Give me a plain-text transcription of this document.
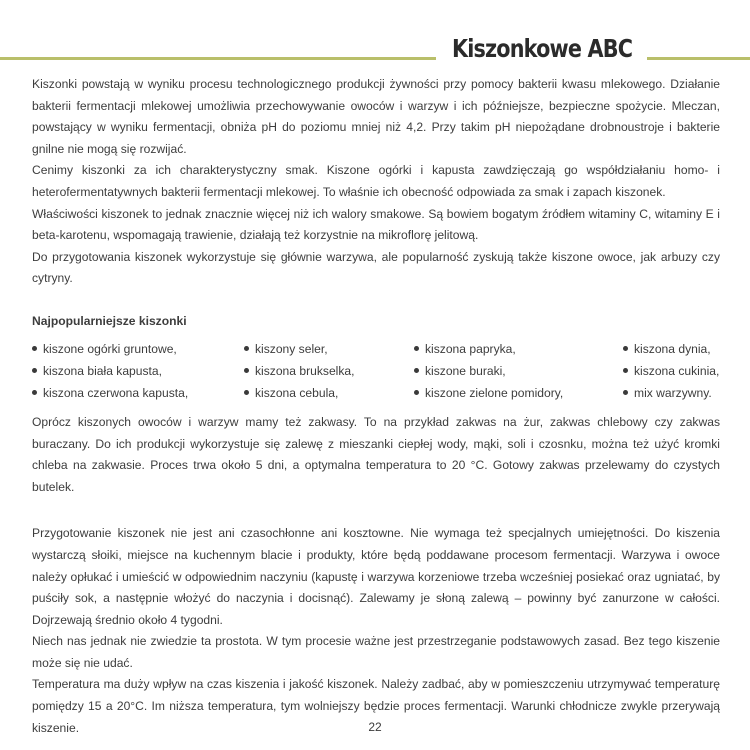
Kiszonkowe ABC

Kiszonki powstają w wyniku procesu technologicznego produkcji żywności przy pomocy bakterii kwasu mlekowego. Działanie bakterii fermentacji mlekowej umożliwia przechowywanie owoców i warzyw i ich późniejsze, bezpieczne spożycie. Mleczan, powstający w wyniku fermentacji, obniża pH do poziomu mniej niż 4,2. Przy takim pH niepożądane drobnoustroje i bakterie gnilne nie mogą się rozwijać.

Cenimy kiszonki za ich charakterystyczny smak. Kiszone ogórki i kapusta zawdzięczają go współdziałaniu homo- i heterofermentatywnych bakterii fermentacji mlekowej. To właśnie ich obecność odpowiada za smak i zapach kiszonek.

Właściwości kiszonek to jednak znacznie więcej niż ich walory smakowe. Są bowiem bogatym źródłem witaminy C, witaminy E i beta-karotenu, wspomagają trawienie, działają też korzystnie na mikroflorę jelitową.

Do przygotowania kiszonek wykorzystuje się głównie warzywa, ale popularność zyskują także kiszone owoce, jak arbuzy czy cytryny.

Najpopularniejsze kiszonki

kiszone ogórki gruntowe,
kiszona biała kapusta,
kiszona czerwona kapusta,
kiszony seler,
kiszona brukselka,
kiszona cebula,
kiszona papryka,
kiszone buraki,
kiszone zielone pomidory,
kiszona dynia,
kiszona cukinia,
mix warzywny.

Oprócz kiszonych owoców i warzyw mamy też zakwasy. To na przykład zakwas na żur, zakwas chlebowy czy zakwas buraczany. Do ich produkcji wykorzystuje się zalewę z mieszanki ciepłej wody, mąki, soli i czosnku, można też użyć kromki chleba na zakwasie. Proces trwa około 5 dni, a optymalna temperatura to 20 °C. Gotowy zakwas przelewamy do czystych butelek.

Przygotowanie kiszonek nie jest ani czasochłonne ani kosztowne. Nie wymaga też specjalnych umiejętności. Do kiszenia wystarczą słoiki, miejsce na kuchennym blacie i produkty, które będą poddawane procesom fermentacji. Warzywa i owoce należy opłukać i umieścić w odpowiednim naczyniu (kapustę i warzywa korzeniowe trzeba wcześniej posiekać oraz ugniatać, by puściły sok, a następnie włożyć do naczynia i docisnąć). Zalewamy je słoną zalewą – powinny być zanurzone w całości. Dojrzewają średnio około 4 tygodni.

Niech nas jednak nie zwiedzie ta prostota. W tym procesie ważne jest przestrzeganie podstawowych zasad. Bez tego kiszenie może się nie udać.

Temperatura ma duży wpływ na czas kiszenia i jakość kiszonek. Należy zadbać, aby w pomieszczeniu utrzymywać temperaturę pomiędzy 15 a 20°C. Im niższa temperatura, tym wolniejszy będzie proces fermentacji. Warunki chłodnicze zwykle przerywają kiszenie.	22
